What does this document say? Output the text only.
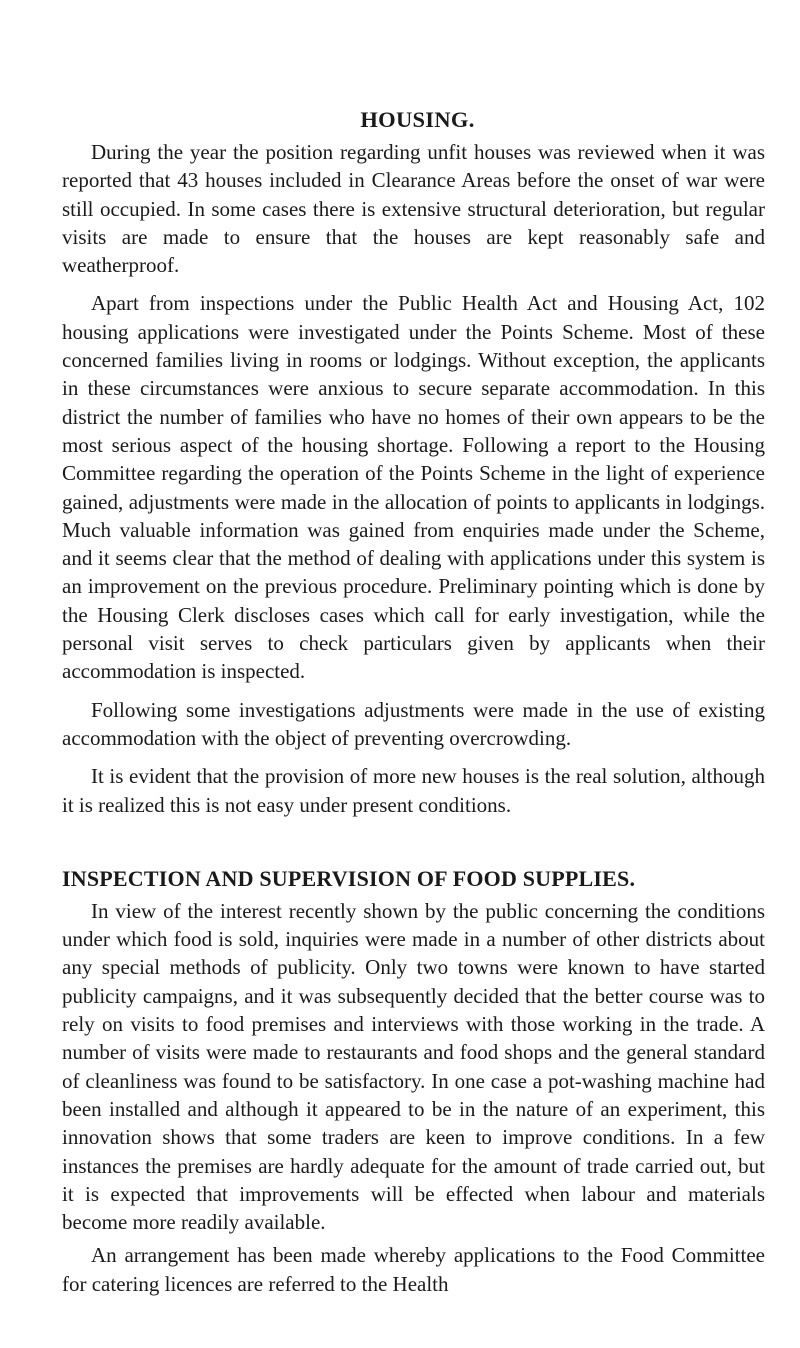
HOUSING.

During the year the position regarding unfit houses was reviewed when it was reported that 43 houses included in Clearance Areas before the onset of war were still occupied. In some cases there is extensive structural deterioration, but regular visits are made to ensure that the houses are kept reasonably safe and weatherproof.

Apart from inspections under the Public Health Act and Housing Act, 102 housing applications were investigated under the Points Scheme. Most of these concerned families living in rooms or lodgings. Without exception, the applicants in these circumstances were anxious to secure separate accommodation. In this district the number of families who have no homes of their own appears to be the most serious aspect of the housing shortage. Following a report to the Housing Committee regarding the operation of the Points Scheme in the light of experience gained, adjustments were made in the allocation of points to applicants in lodgings. Much valuable information was gained from enquiries made under the Scheme, and it seems clear that the method of dealing with applications under this system is an improvement on the previous procedure. Preliminary pointing which is done by the Housing Clerk discloses cases which call for early investigation, while the personal visit serves to check particulars given by applicants when their accommodation is inspected.

Following some investigations adjustments were made in the use of existing accommodation with the object of preventing overcrowding.

It is evident that the provision of more new houses is the real solution, although it is realized this is not easy under present conditions.

INSPECTION AND SUPERVISION OF FOOD SUPPLIES.

In view of the interest recently shown by the public concerning the conditions under which food is sold, inquiries were made in a number of other districts about any special methods of publicity. Only two towns were known to have started publicity campaigns, and it was subsequently decided that the better course was to rely on visits to food premises and interviews with those working in the trade. A number of visits were made to restaurants and food shops and the general standard of cleanliness was found to be satisfactory. In one case a pot-washing machine had been installed and although it appeared to be in the nature of an experiment, this innovation shows that some traders are keen to improve conditions. In a few instances the premises are hardly adequate for the amount of trade carried out, but it is expected that improvements will be effected when labour and materials become more readily available.

An arrangement has been made whereby applications to the Food Committee for catering licences are referred to the Health
